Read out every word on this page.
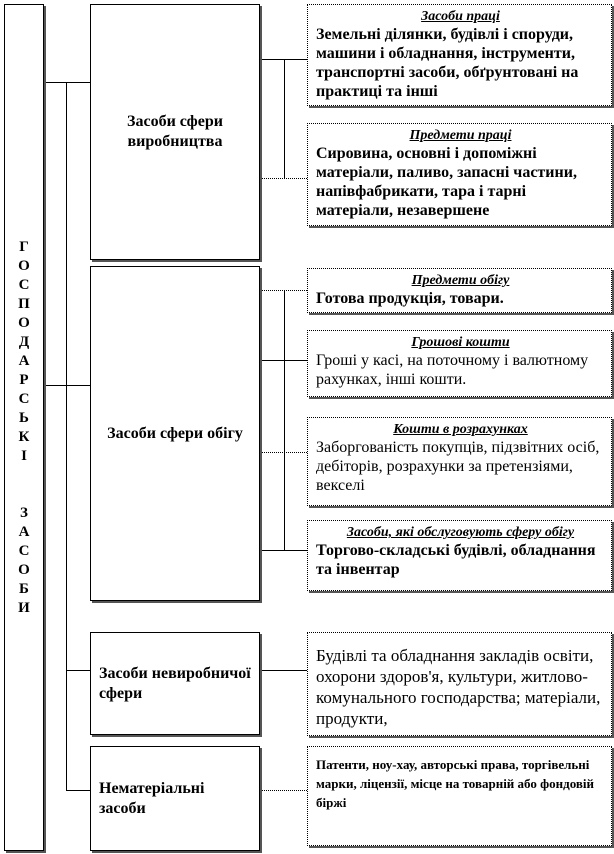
Г
О
С
П
О
Д
А
Р
С
Ь
К
І

З
А
С
О
Б
И
Засоби сфери виробництва
Засоби сфери обігу
Засоби невиробничої сфери
Нематеріальні засоби
Засоби праці
Земельні ділянки, будівлі і споруди, машини і обладнання, інструменти, транспортні засоби, обґрунтовані на практиці та інші
Предмети праці
Сировина, основні і допоміжні матеріали, паливо, запасні частини, напівфабрикати, тара і тарні матеріали, незавершене
Предмети обігу
Готова продукція, товари.
Грошові кошти
Гроші у касі, на поточному і валютному рахунках, інші кошти.
Кошти в розрахунках
Заборгованість покупців, підзвітних осіб, дебіторів, розрахунки за претензіями, векселі
Засоби, які обслуговують сферу обігу
Торгово-складські будівлі, обладнання та інвентар
Будівлі та обладнання закладів освіти, охорони здоров'я, культури, житлово-комунального господарства; матеріали, продукти,
Патенти, ноу-хау, авторські права, торгівельні марки, ліцензії, місце на товарній або фондовій біржі
